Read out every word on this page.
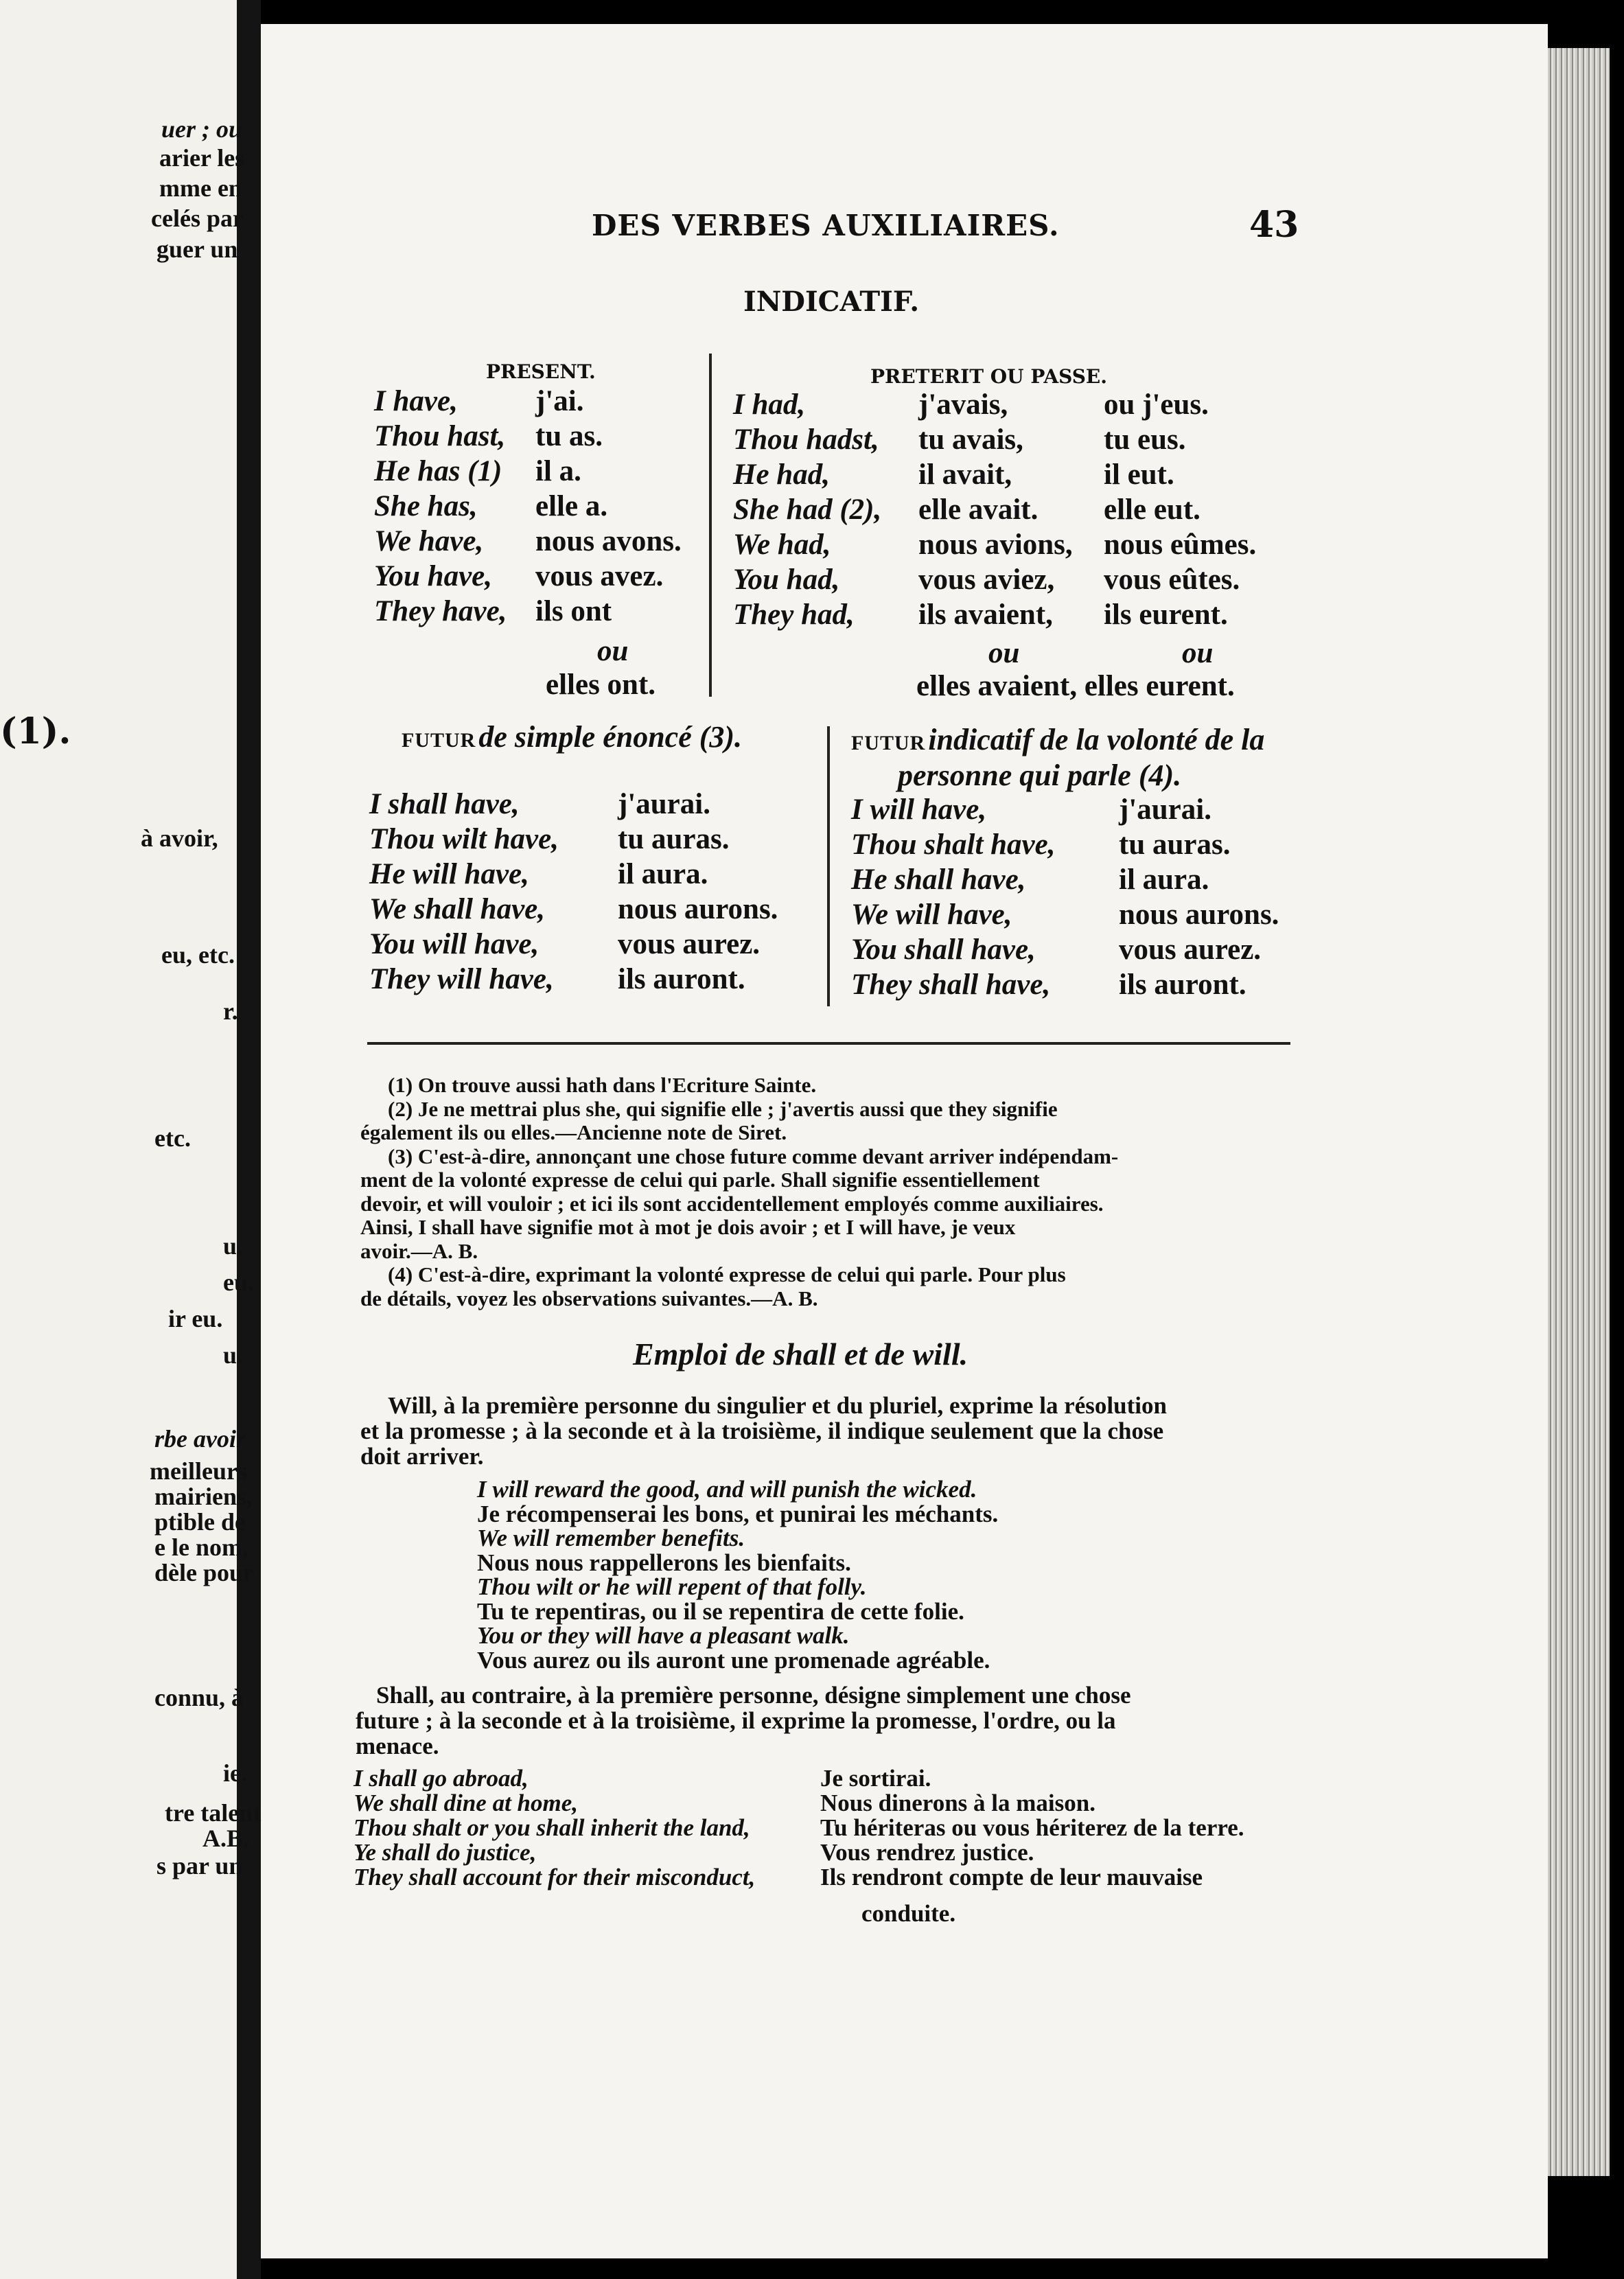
uer ; ou
arier les
mme en
celés par
guer un
(1).
à avoir,
eu, etc.
r.
etc.
u.
eu.
ir eu.
u.
rbe avoir
meilleurs
mairiens,
ptible de
e le nom,
dèle pour
connu, à
ie.
tre talent
A.B.
s par un
DES VERBES AUXILIAIRES.	43
INDICATIF.
PRESENT.
I have,	j'ai.
Thou hast, tu as.
He has (1) il a.
She has, elle a.
We have, nous avons.
You have, vous avez.
They have, ils ont
ou
elles ont.
PRETERIT OU PASSE.
I had,	j'avais,	ou j'eus.
Thou hadst, tu avais,	tu eus.
He had,	il avait,	il eut.
She had (2), elle avait. elle eut.
We had,	nous avions, nous eûmes.
You had,	vous aviez, vous eûtes.
They had, ils avaient, ils eurent.
ou	ou
elles avaient, elles eurent.
FUTUR de simple énoncé (3).
I shall have,	j'aurai.
Thou wilt have, tu auras.
He will have,	il aura.
We shall have, nous aurons.
You will have,	vous aurez.
They will have, ils auront.
FUTUR indicatif de la volonté de la
personne qui parle (4).
I will have,	j'aurai.
Thou shalt have, tu auras.
He shall have,	il aura.
We will have,	nous aurons.
You shall have,	vous aurez.
They shall have, ils auront.
(1) On trouve aussi hath dans l'Ecriture Sainte.
(2) Je ne mettrai plus she, qui signifie elle ; j'avertis aussi que they signifie
également ils ou elles.—Ancienne note de Siret.
(3) C'est-à-dire, annonçant une chose future comme devant arriver indépendam-
ment de la volonté expresse de celui qui parle. Shall signifie essentiellement
devoir, et will vouloir ; et ici ils sont accidentellement employés comme auxiliaires.
Ainsi, I shall have signifie mot à mot je dois avoir ; et I will have, je veux
avoir.—A. B.
(4) C'est-à-dire, exprimant la volonté expresse de celui qui parle. Pour plus
de détails, voyez les observations suivantes.—A. B.
Emploi de shall et de will.
Will, à la première personne du singulier et du pluriel, exprime la résolution
et la promesse ; à la seconde et à la troisième, il indique seulement que la chose
doit arriver.
I will reward the good, and will punish the wicked.
Je récompenserai les bons, et punirai les méchants.
We will remember benefits.
Nous nous rappellerons les bienfaits.
Thou wilt or he will repent of that folly.
Tu te repentiras, ou il se repentira de cette folie.
You or they will have a pleasant walk.
Vous aurez ou ils auront une promenade agréable.
Shall, au contraire, à la première personne, désigne simplement une chose
future ; à la seconde et à la troisième, il exprime la promesse, l'ordre, ou la
menace.
I shall go abroad,	Je sortirai.
We shall dine at home,	Nous dinerons à la maison.
Thou shalt or you shall inherit the land,	Tu hériteras ou vous hériterez de la terre.
Ye shall do justice,	Vous rendrez justice.
They shall account for their misconduct,	Ils rendront compte de leur mauvaise
conduite.
